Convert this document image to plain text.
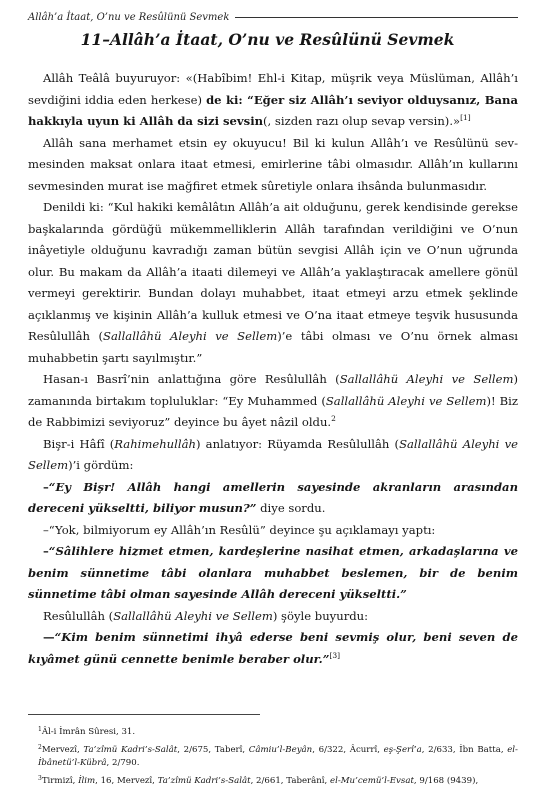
Allâh’a İtaat, O’nu ve Resûlünü Sevmek
11–Allâh’a İtaat, O’nu ve Resûlünü Sevmek

Allâh Teâlâ buyuruyor: «(Habîbim! Ehl-i Kitap, müşrik veya Müslüman, Allâh’ı sevdiğini iddia eden herkese) de ki: “Eğer siz Allâh’ı seviyor olduysanız, Bana hakkıyla uyun ki Allâh da sizi sevsin(, sizden razı olup sevap versin).»[1]

Allâh sana merhamet etsin ey okuyucu! Bil ki kulun Allâh’ı ve Resûlünü sevmesinden maksat onlara itaat etmesi, emirlerine tâbi olmasıdır. Allâh’ın kullarını sevmesinden murat ise mağfiret etmek sûretiyle onlara ihsânda bulunmasıdır.

Denildi ki: “Kul hakiki kemâlâtın Allâh’a ait olduğunu, gerek kendisinde gerekse başkalarında gördüğü mükemmelliklerin Allâh tarafından verildiğini ve O’nun inâyetiyle olduğunu kavradığı zaman bütün sevgisi Allâh için ve O’nun uğrunda olur. Bu makam da Allâh’a itaati dilemeyi ve Allâh’a yaklaştıracak amellere gönül vermeyi gerektirir. Bundan dolayı muhabbet, itaat etmeyi arzu etmek şeklinde açıklanmış ve kişinin Allâh’a kulluk etmesi ve O’na itaat etmeye teşvik hususunda Resûlullâh (Sallallâhü Aleyhi ve Sellem)’e tâbi olması ve O’nu örnek alması muhabbetin şartı sayılmıştır.”

Hasan-ı Basrî’nin anlattığına göre Resûlullâh (Sallallâhü Aleyhi ve Sellem) zamanında birtakım topluluklar: “Ey Muhammed (Sallallâhü Aleyhi ve Sellem)! Biz de Rabbimizi seviyoruz” deyince bu âyet nâzil oldu.$^2$

Bişr-i Hâfî (Rahimehullâh) anlatıyor: Rüyamda Resûlullâh (Sallallâhü Aleyhi ve Sellem)’i gördüm:

–“Ey Bişr! Allâh hangi amellerin sayesinde akranların arasından dereceni yükseltti, biliyor musun?” diye sordu.

–“Yok, bilmiyorum ey Allâh’ın Resûlü” deyince şu açıklamayı yaptı:

–“Sâlihlere hizmet etmen, kardeşlerine nasihat etmen, arkadaşlarına ve benim sünnetime tâbi olanlara muhabbet beslemen, bir de benim sünnetime tâbi olman sayesinde Allâh dereceni yükseltti.”

Resûlullâh (Sallallâhü Aleyhi ve Sellem) şöyle buyurdu:

—“Kim benim sünnetimi ihyâ ederse beni sevmiş olur, beni seven de kıyâmet günü cennette benimle beraber olur.”[3]

$^1$Âl-i İmrân Sûresi, 31.

$^2$Mervezî, Ta’zîmü Kadri’s-Salât, 2/675, Taberî, Câmiu’l-Beyân, 6/322, Âcurrî, eş-Şerî’a, 2/633, İbn Batta, el-İbânetü’l-Kübrâ, 2/790.

$^3$Tirmizî, İlim, 16, Mervezî, Ta’zîmü Kadri’s-Salât, 2/661, Taberânî, el-Mu’cemü’l-Evsat, 9/168 (9439),
